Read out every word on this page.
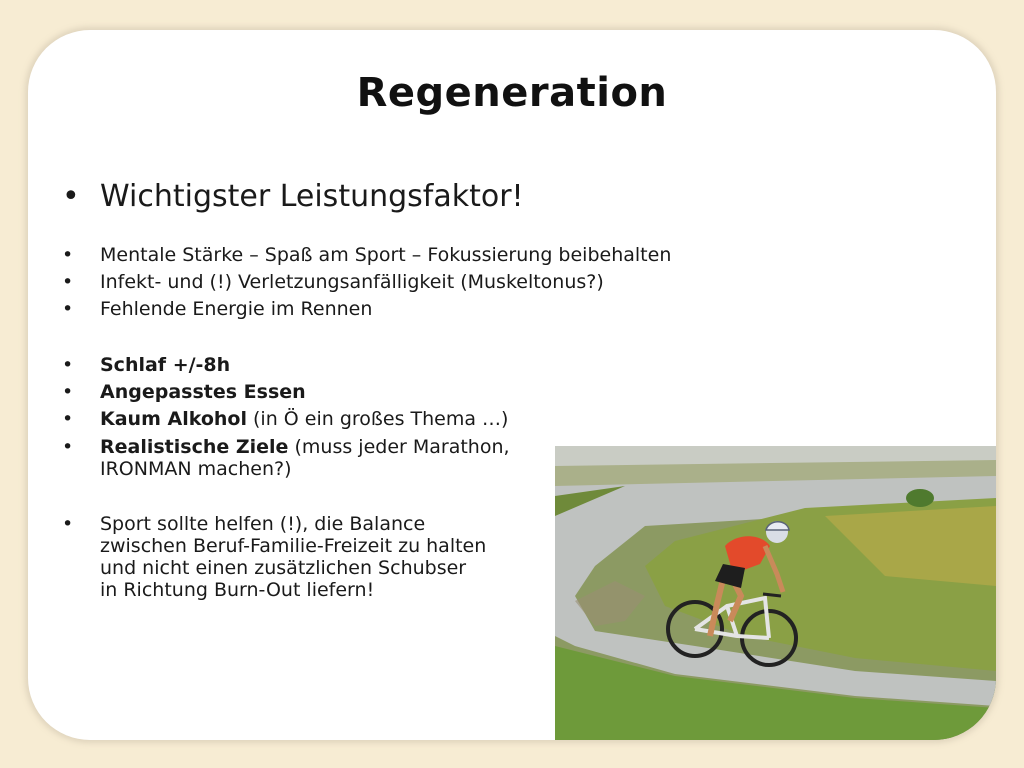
Regeneration
• Wichtigster Leistungsfaktor!
• Mentale Stärke – Spaß am Sport – Fokussierung beibehalten
• Infekt- und (!) Verletzungsanfälligkeit (Muskeltonus?)
• Fehlende Energie im Rennen
• Schlaf +/-8h
• Angepasstes Essen
• Kaum Alkohol (in Ö ein großes Thema …)
• Realistische Ziele (muss jeder Marathon,
IRONMAN machen?)
• Sport sollte helfen (!), die Balance
zwischen Beruf-Familie-Freizeit zu halten
und nicht einen zusätzlichen Schubser
in Richtung Burn-Out liefern!
